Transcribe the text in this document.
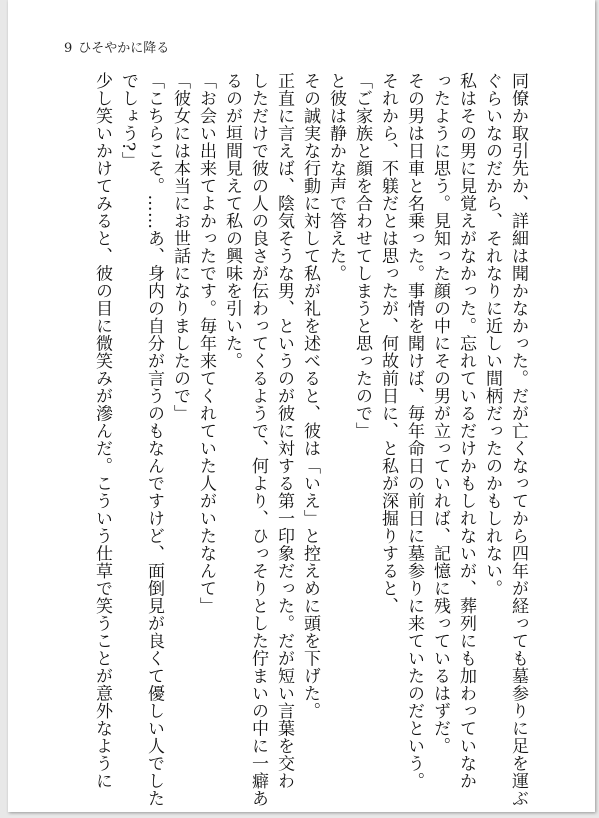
9 ひそやかに降る

同僚か取引先か、詳細は聞かなかった。だが亡くなってから四年が経っても墓参りに足を運ぶ

ぐらいなのだから、それなりに近しい間柄だったのかもしれない。

私はその男に見覚えがなかった。忘れているだけかもしれないが、葬列にも加わっていなか

ったように思う。見知った顔の中にその男が立っていれば、記憶に残っているはずだ。

その男は日車と名乗った。事情を聞けば、毎年命日の前日に墓参りに来ていたのだという。

それから、不躾だとは思ったが、何故前日に、と私が深掘りすると、

「ご家族と顔を合わせてしまうと思ったので」

と彼は静かな声で答えた。

その誠実な行動に対して私が礼を述べると、彼は「いえ」と控えめに頭を下げた。

正直に言えば、陰気そうな男、というのが彼に対する第一印象だった。だが短い言葉を交わ

しただけで彼の人の良さが伝わってくるようで、何より、ひっそりとした佇まいの中に一癖あ

るのが垣間見えて私の興味を引いた。

「お会い出来てよかったです。毎年来てくれていた人がいたなんて」

「彼女には本当にお世話になりましたので」

「こちらこそ。……あ、身内の自分が言うのもなんですけど、面倒見が良くて優しい人でした

でしょう?」

少し笑いかけてみると、彼の目に微笑みが滲んだ。こういう仕草で笑うことが意外なように
